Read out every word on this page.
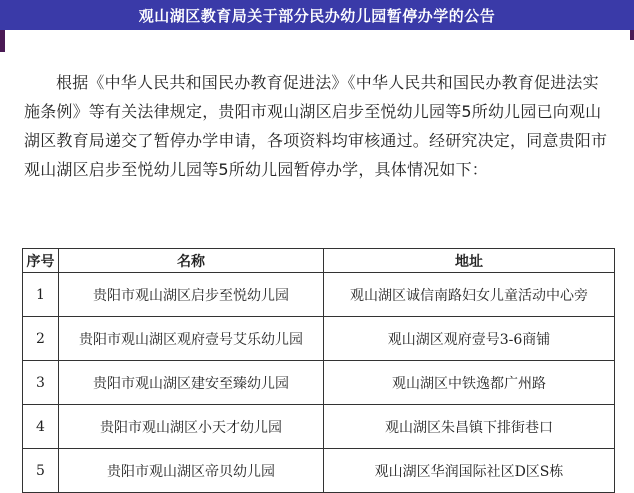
观山湖区教育局关于部分民办幼儿园暂停办学的公告

根据《中华人民共和国民办教育促进法》《中华人民共和国民办教育促进法实施条例》等有关法律规定，贵阳市观山湖区启步至悦幼儿园等5所幼儿园已向观山湖区教育局递交了暂停办学申请，各项资料均审核通过。经研究决定，同意贵阳市观山湖区启步至悦幼儿园等5所幼儿园暂停办学，具体情况如下：

序号	名称	地址
1	贵阳市观山湖区启步至悦幼儿园	观山湖区诚信南路妇女儿童活动中心旁
2	贵阳市观山湖区观府壹号艾乐幼儿园	观山湖区观府壹号3-6商铺
3	贵阳市观山湖区建安至臻幼儿园	观山湖区中铁逸都广州路
4	贵阳市观山湖区小天才幼儿园	观山湖区朱昌镇下排街巷口
5	贵阳市观山湖区帝贝幼儿园	观山湖区华润国际社区D区S栋
